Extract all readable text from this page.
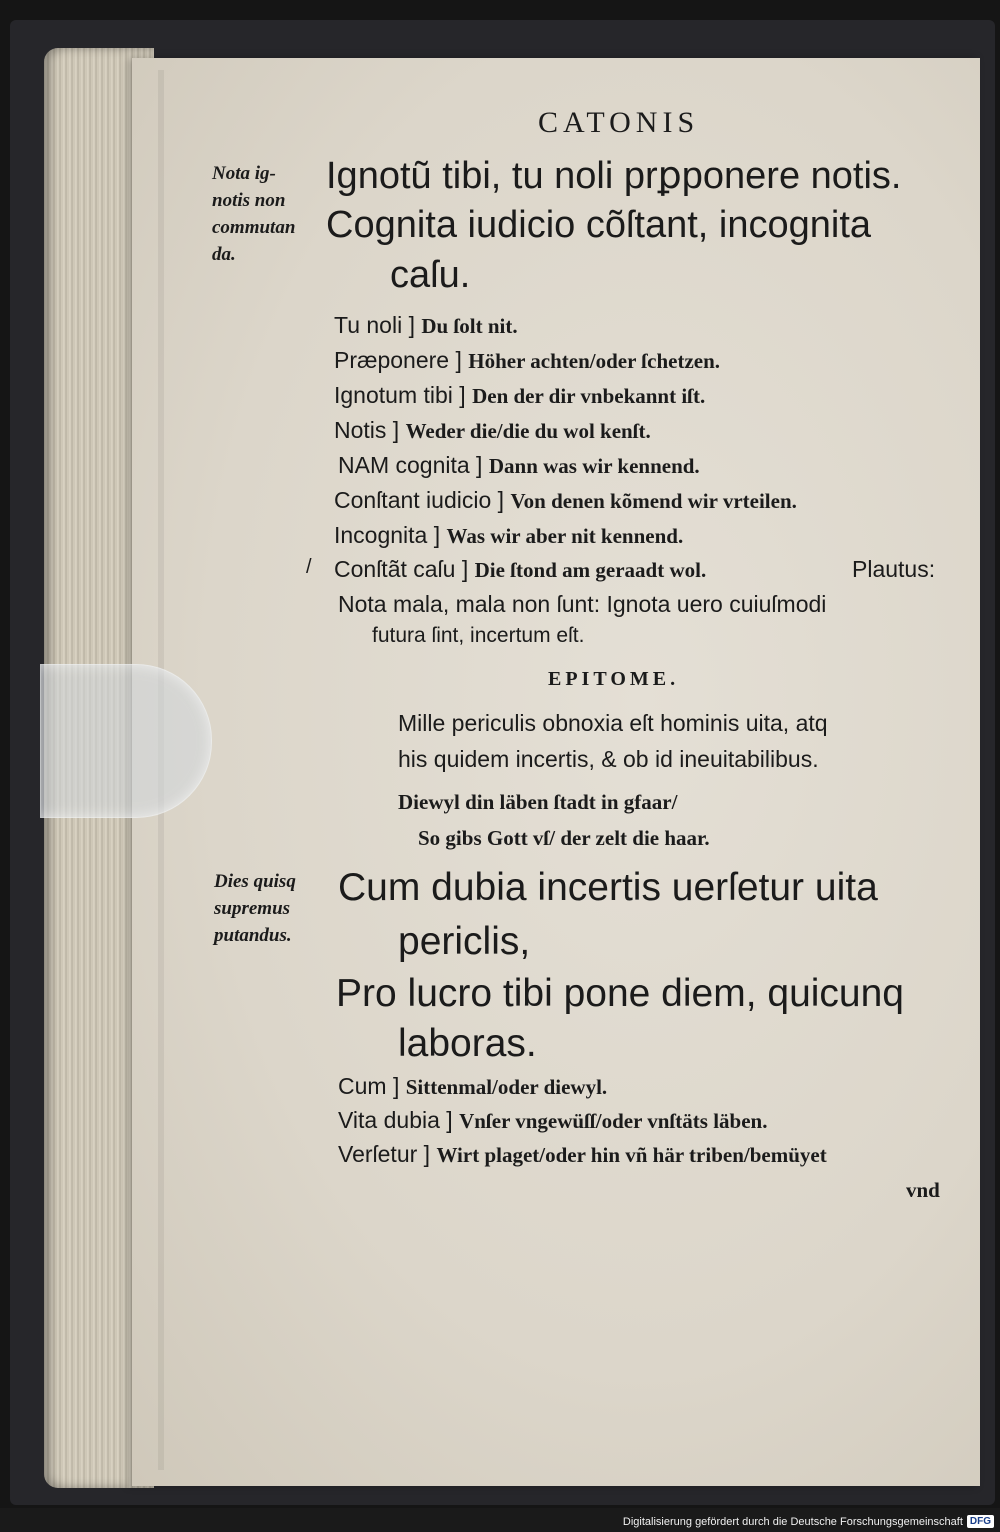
CATONIS
Nota ig-
notis non
commutan
da.
Ignotũ tibi, tu noli prꝑponere notis.
Cognita iudicio cõſtant, incognita
caſu.
Tu noli ] Du ſolt nit.
Præponere ] Höher achten/oder ſchetzen.
Ignotum tibi ] Den der dir vnbekannt iſt.
Notis ] Weder die/die du wol kenſt.
NAM cognita ] Dann was wir kennend.
Conſtant iudicio ] Von denen kõmend wir vrteilen.
Incognita ] Was wir aber nit kennend.
/ Conſtãt caſu ] Die ſtond am geraadt wol.	Plautus:
Nota mala, mala non ſunt: Ignota uero cuiuſmodi
futura ſint, incertum eſt.
EPITOME.
Mille periculis obnoxia eſt hominis uita, atq
his quidem incertis, & ob id ineuitabilibus.
Diewyl din läben ſtadt in gfaar/
So gibs Gott vſ/ der zelt die haar.
Dies quisq
supremus
putandus.
Cum dubia incertis uerſetur uita
periclis,
Pro lucro tibi pone diem, quicunq
laboras.
Cum ] Sittenmal/oder diewyl.
Vita dubia ] Vnſer vngewüſſ/oder vnſtäts läben.
Verſetur ] Wirt plaget/oder hin vñ här triben/bemüyet
vnd
Digitalisierung gefördert durch die Deutsche Forschungsgemeinschaft DFG
